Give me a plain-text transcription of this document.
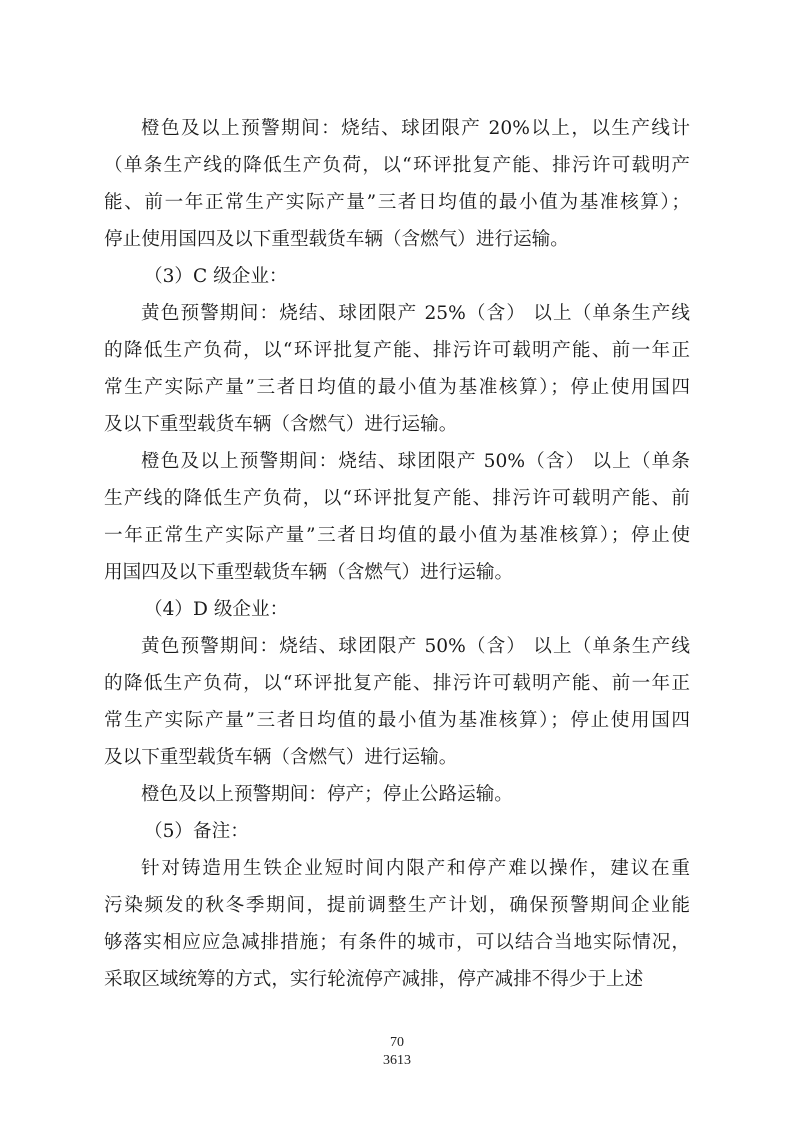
橙色及以上预警期间：烧结、球团限产 20%以上，以生产线计
（单条生产线的降低生产负荷，以“环评批复产能、排污许可载明产
能、前一年正常生产实际产量”三者日均值的最小值为基准核算）；
停止使用国四及以下重型载货车辆（含燃气）进行运输。
（3）C 级企业：
黄色预警期间：烧结、球团限产 25%（含） 以上（单条生产线
的降低生产负荷，以“环评批复产能、排污许可载明产能、前一年正
常生产实际产量”三者日均值的最小值为基准核算）；停止使用国四
及以下重型载货车辆（含燃气）进行运输。
橙色及以上预警期间：烧结、球团限产 50%（含） 以上（单条
生产线的降低生产负荷，以“环评批复产能、排污许可载明产能、前
一年正常生产实际产量”三者日均值的最小值为基准核算）；停止使
用国四及以下重型载货车辆（含燃气）进行运输。
（4）D 级企业：
黄色预警期间：烧结、球团限产 50%（含） 以上（单条生产线
的降低生产负荷，以“环评批复产能、排污许可载明产能、前一年正
常生产实际产量”三者日均值的最小值为基准核算）；停止使用国四
及以下重型载货车辆（含燃气）进行运输。
橙色及以上预警期间：停产；停止公路运输。
（5）备注：
针对铸造用生铁企业短时间内限产和停产难以操作，建议在重
污染频发的秋冬季期间，提前调整生产计划，确保预警期间企业能
够落实相应应急减排措施；有条件的城市，可以结合当地实际情况，
采取区域统筹的方式，实行轮流停产减排，停产减排不得少于上述
70
3613
